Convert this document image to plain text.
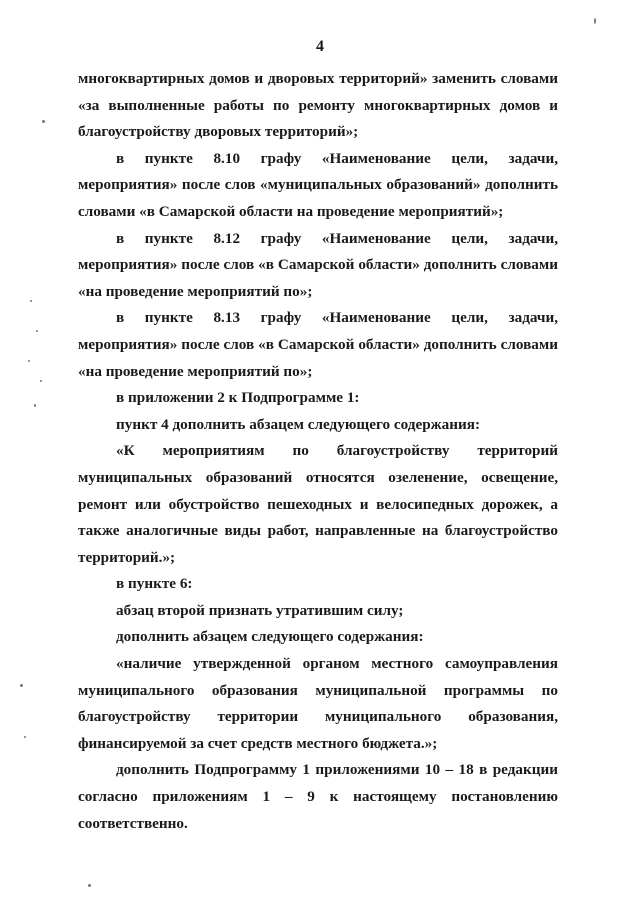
4

многоквартирных домов и дворовых территорий» заменить словами «за выполненные работы по ремонту многоквартирных домов и благоустройству дворовых территорий»;

в пункте 8.10 графу «Наименование цели, задачи, мероприятия» после слов «муниципальных образований» дополнить словами «в Самарской области на проведение мероприятий»;

в пункте 8.12 графу «Наименование цели, задачи, мероприятия» после слов «в Самарской области» дополнить словами «на проведение мероприятий по»;

в пункте 8.13 графу «Наименование цели, задачи, мероприятия» после слов «в Самарской области» дополнить словами «на проведение мероприятий по»;

в приложении 2 к Подпрограмме 1:

пункт 4 дополнить абзацем следующего содержания:

«К мероприятиям по благоустройству территорий муниципальных образований относятся озеленение, освещение, ремонт или обустройство пешеходных и велосипедных дорожек, а также аналогичные виды работ, направленные на благоустройство территорий.»;

в пункте 6:

абзац второй признать утратившим силу;

дополнить абзацем следующего содержания:

«наличие утвержденной органом местного самоуправления муниципального образования муниципальной программы по благоустройству территории муниципального образования, финансируемой за счет средств местного бюджета.»;

дополнить Подпрограмму 1 приложениями 10 – 18 в редакции согласно приложениям 1 – 9 к настоящему постановлению соответственно.
